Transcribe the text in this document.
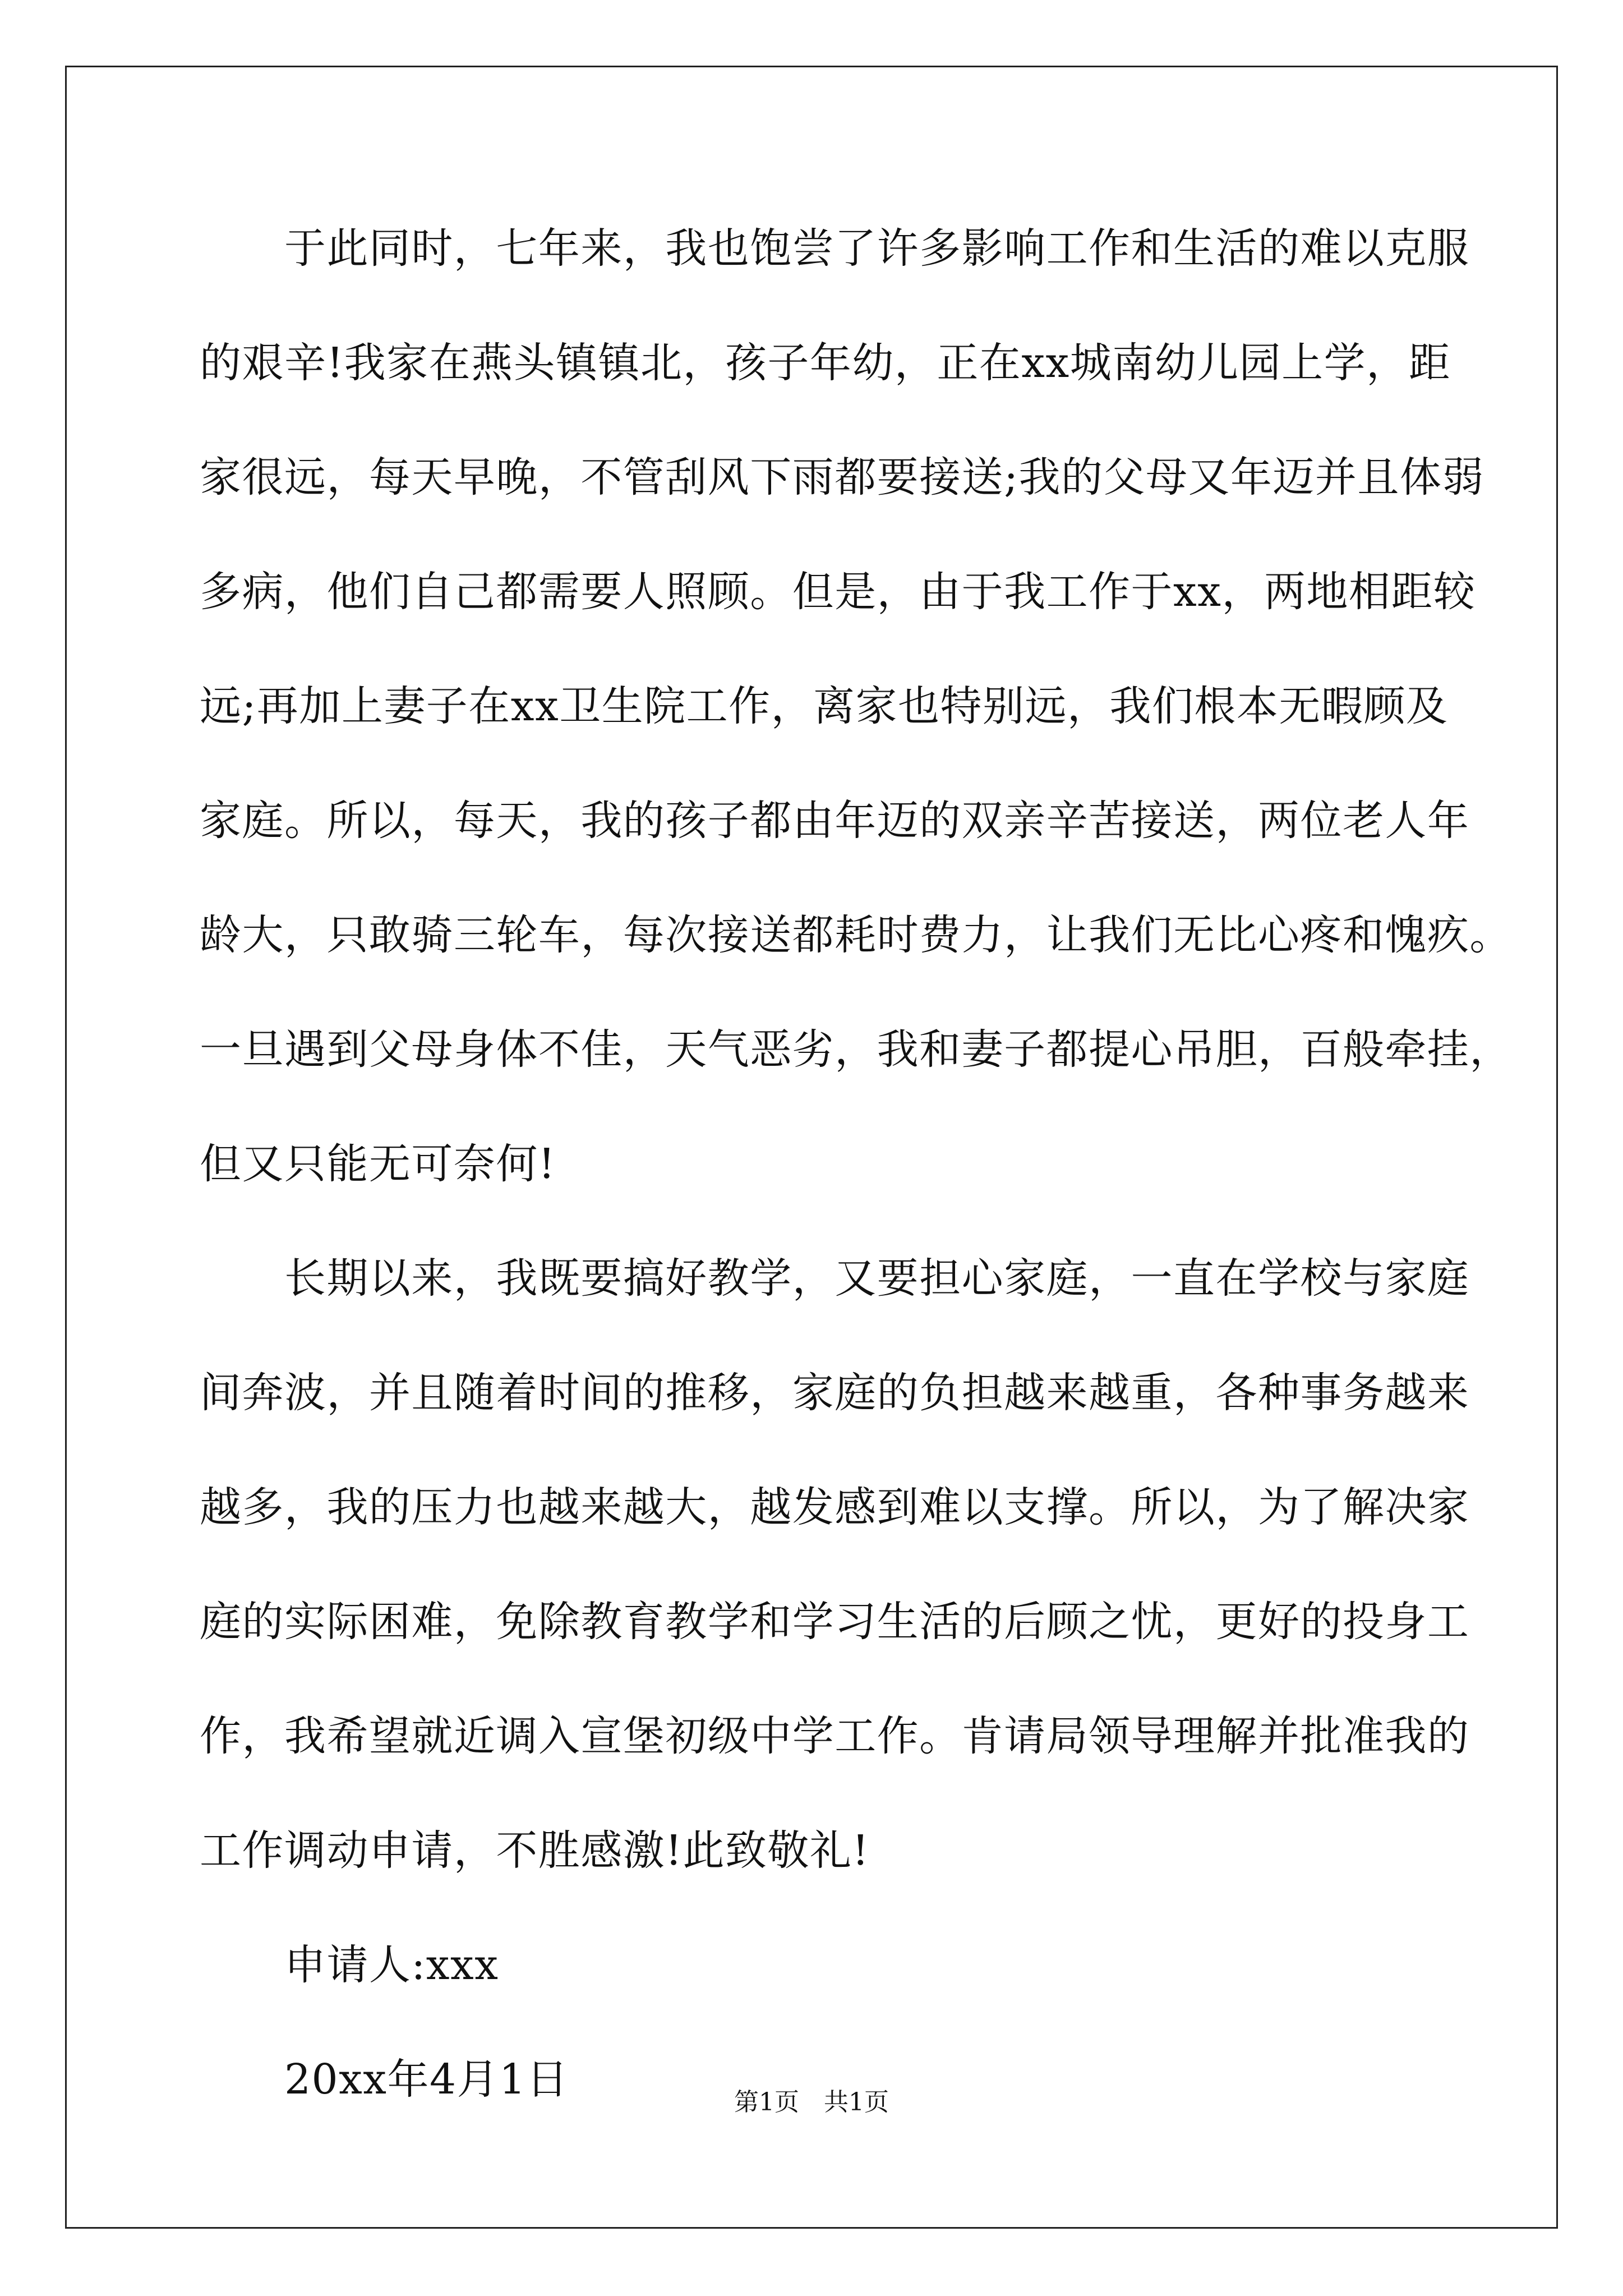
　　于此同时，七年来，我也饱尝了许多影响工作和生活的难以克服
的艰辛!我家在燕头镇镇北，孩子年幼，正在xx城南幼儿园上学，距
家很远，每天早晚，不管刮风下雨都要接送;我的父母又年迈并且体弱
多病，他们自己都需要人照顾。但是，由于我工作于xx，两地相距较
远;再加上妻子在xx卫生院工作，离家也特别远，我们根本无暇顾及
家庭。所以，每天，我的孩子都由年迈的双亲辛苦接送，两位老人年
龄大，只敢骑三轮车，每次接送都耗时费力，让我们无比心疼和愧疚。
一旦遇到父母身体不佳，天气恶劣，我和妻子都提心吊胆，百般牵挂，
但又只能无可奈何!
　　长期以来，我既要搞好教学，又要担心家庭，一直在学校与家庭
间奔波，并且随着时间的推移，家庭的负担越来越重，各种事务越来
越多，我的压力也越来越大，越发感到难以支撑。所以，为了解决家
庭的实际困难，免除教育教学和学习生活的后顾之忧，更好的投身工
作，我希望就近调入宣堡初级中学工作。肯请局领导理解并批准我的
工作调动申请，不胜感激!此致敬礼!
　　申请人:xxx
　　20xx年4月1日	第1页　共1页
